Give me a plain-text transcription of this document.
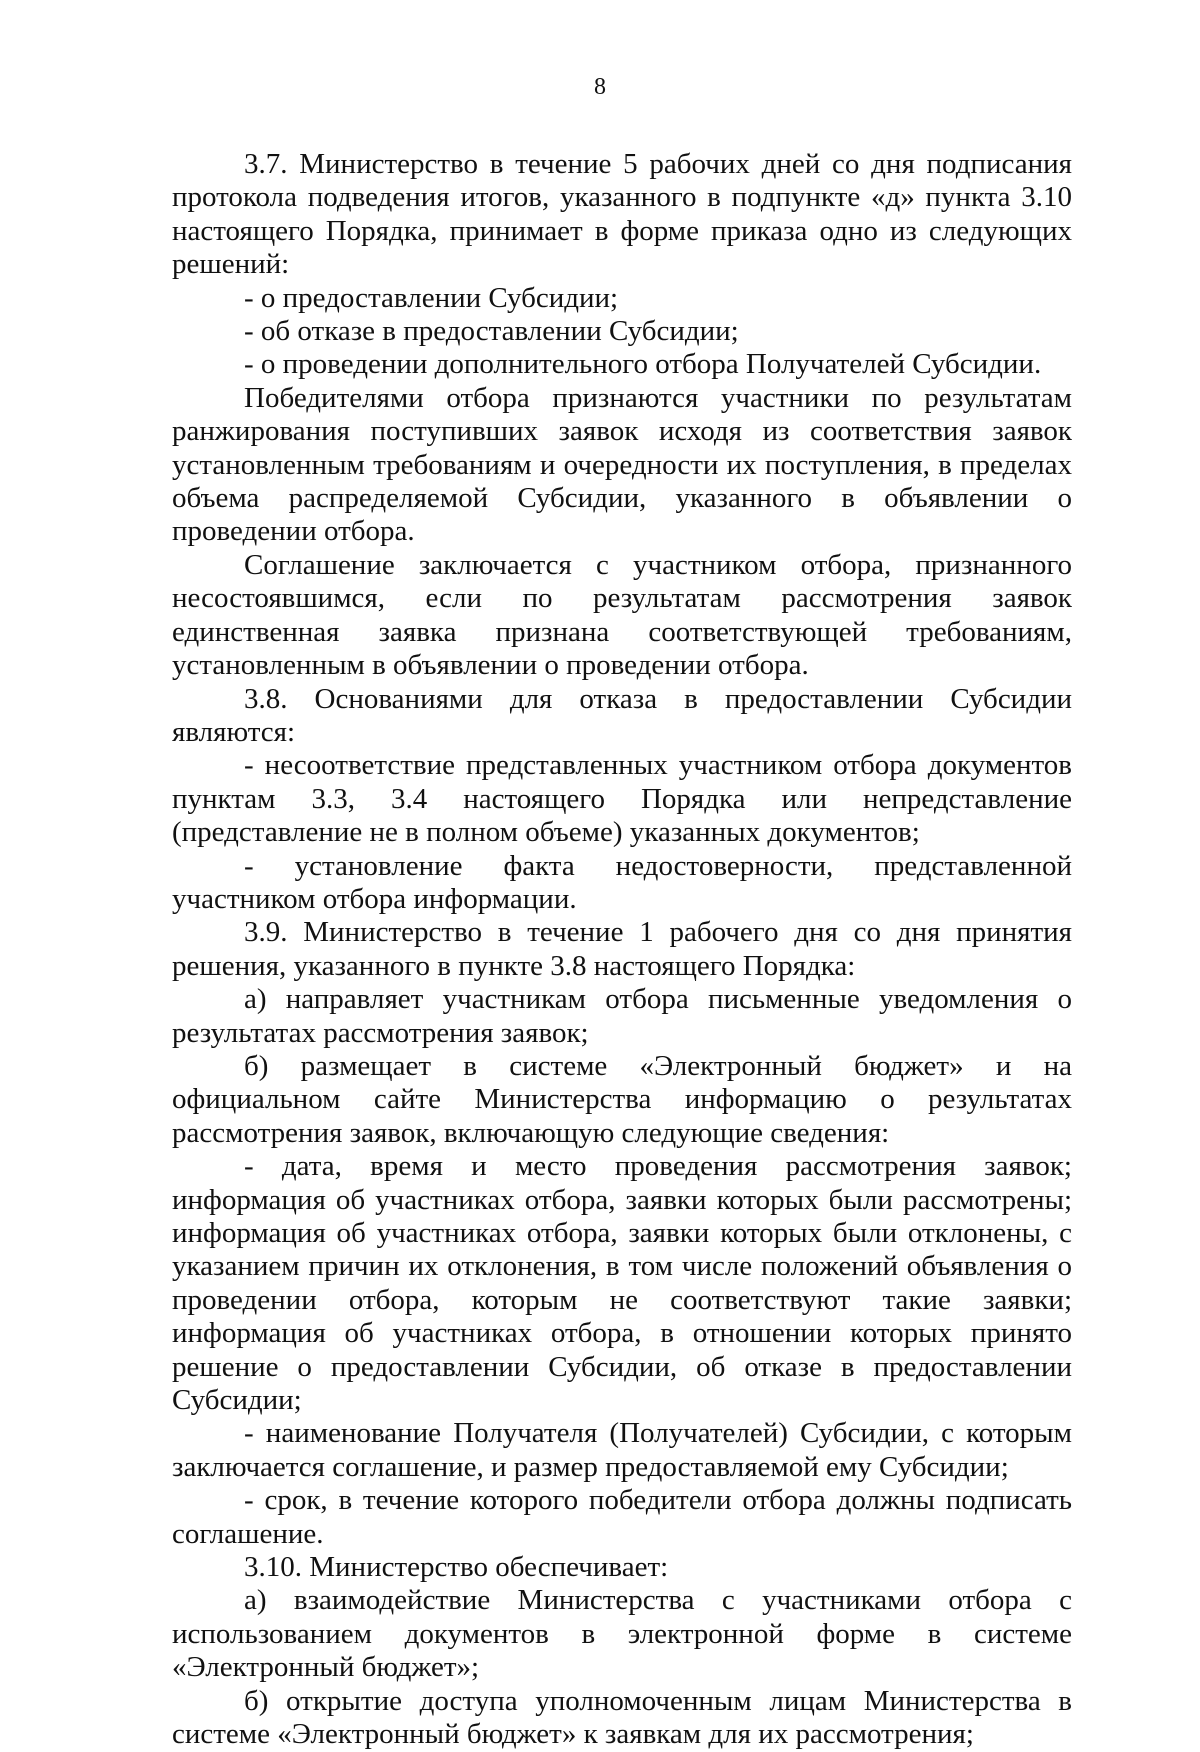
8

3.7. Министерство в течение 5 рабочих дней со дня подписания протокола подведения итогов, указанного в подпункте «д» пункта 3.10 настоящего Порядка, принимает в форме приказа одно из следующих решений:

- о предоставлении Субсидии;

- об отказе в предоставлении Субсидии;

- о проведении дополнительного отбора Получателей Субсидии.

Победителями отбора признаются участники по результатам ранжирования поступивших заявок исходя из соответствия заявок установленным требованиям и очередности их поступления, в пределах объема распределяемой Субсидии, указанного в объявлении о проведении отбора.

Соглашение заключается с участником отбора, признанного несостоявшимся, если по результатам рассмотрения заявок единственная заявка признана соответствующей требованиям, установленным в объявлении о проведении отбора.

3.8. Основаниями для отказа в предоставлении Субсидии являются:

- несоответствие представленных участником отбора документов пунктам 3.3, 3.4 настоящего Порядка или непредставление (представление не в полном объеме) указанных документов;

- установление факта недостоверности, представленной участником отбора информации.

3.9. Министерство в течение 1 рабочего дня со дня принятия решения, указанного в пункте 3.8 настоящего Порядка:

а) направляет участникам отбора письменные уведомления о результатах рассмотрения заявок;

б) размещает в системе «Электронный бюджет» и на официальном сайте Министерства информацию о результатах рассмотрения заявок, включающую следующие сведения:

- дата, время и место проведения рассмотрения заявок; информация об участниках отбора, заявки которых были рассмотрены; информация об участниках отбора, заявки которых были отклонены, с указанием причин их отклонения, в том числе положений объявления о проведении отбора, которым не соответствуют такие заявки; информация об участниках отбора, в отношении которых принято решение о предоставлении Субсидии, об отказе в предоставлении Субсидии;

- наименование Получателя (Получателей) Субсидии, с которым заключается соглашение, и размер предоставляемой ему Субсидии;

- срок, в течение которого победители отбора должны подписать соглашение.

3.10. Министерство обеспечивает:

а) взаимодействие Министерства с участниками отбора с использованием документов в электронной форме в системе «Электронный бюджет»;

б) открытие доступа уполномоченным лицам Министерства в системе «Электронный бюджет» к заявкам для их рассмотрения;
